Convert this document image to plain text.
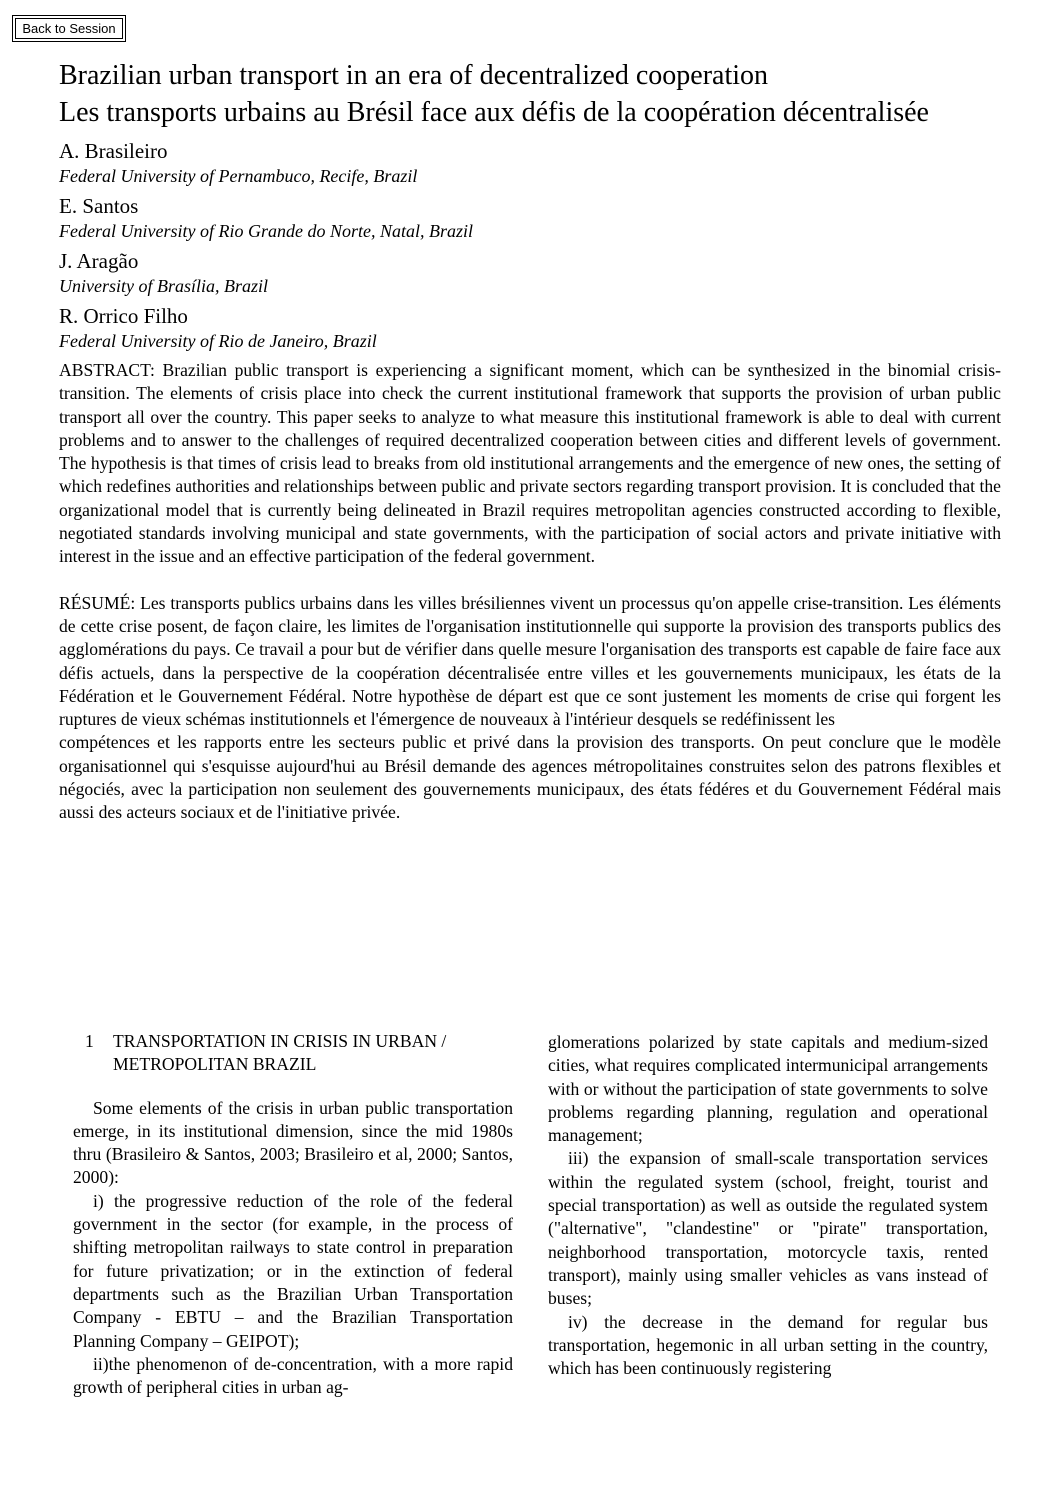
Back to Session
Brazilian urban transport in an era of decentralized cooperation
Les transports urbains au Brésil face aux défis de la coopération décentralisée
A. Brasileiro
Federal University of Pernambuco, Recife, Brazil
E. Santos
Federal University of Rio Grande do Norte, Natal, Brazil
J. Aragão
University of Brasília, Brazil
R. Orrico Filho
Federal University of Rio de Janeiro, Brazil

ABSTRACT: Brazilian public transport is experiencing a significant moment, which can be synthesized in the binomial crisis-transition. The elements of crisis place into check the current institutional framework that supports the provision of urban public transport all over the country. This paper seeks to analyze to what measure this institutional framework is able to deal with current problems and to answer to the challenges of required decentralized cooperation between cities and different levels of government. The hypothesis is that times of crisis lead to breaks from old institutional arrangements and the emergence of new ones, the setting of which redefines authorities and relationships between public and private sectors regarding transport provision. It is concluded that the organizational model that is currently being delineated in Brazil requires metropolitan agencies constructed according to flexible, negotiated standards involving municipal and state governments, with the participation of social actors and private initiative with interest in the issue and an effective participation of the federal government.

RÉSUMÉ: Les transports publics urbains dans les villes brésiliennes vivent un processus qu'on appelle crise-transition. Les éléments de cette crise posent, de façon claire, les limites de l'organisation institutionnelle qui supporte la provision des transports publics des agglomérations du pays. Ce travail a pour but de vérifier dans quelle mesure l'organisation des transports est capable de faire face aux défis actuels, dans la perspective de la coopération décentralisée entre villes et les gouvernements municipaux, les états de la Fédération et le Gouvernement Fédéral. Notre hypothèse de départ est que ce sont justement les moments de crise qui forgent les ruptures de vieux schémas institutionnels et l'émergence de nouveaux à l'intérieur desquels se redéfinissent les

compétences et les rapports entre les secteurs public et privé dans la provision des transports. On peut conclure que le modèle organisationnel qui s'esquisse aujourd'hui au Brésil demande des agences métropolitaines construites selon des patrons flexibles et négociés, avec la participation non seulement des gouvernements municipaux, des états fédéres et du Gouvernement Fédéral mais aussi des acteurs sociaux et de l'initiative privée.

1	TRANSPORTATION IN CRISIS IN URBAN / METROPOLITAN BRAZIL

Some elements of the crisis in urban public transportation emerge, in its institutional dimension, since the mid 1980s thru (Brasileiro & Santos, 2003; Brasileiro et al, 2000; Santos, 2000):

i) the progressive reduction of the role of the federal government in the sector (for example, in the process of shifting metropolitan railways to state control in preparation for future privatization; or in the extinction of federal departments such as the Brazilian Urban Transportation Company - EBTU – and the Brazilian Transportation Planning Company – GEIPOT);

ii)the phenomenon of de-concentration, with a more rapid growth of peripheral cities in urban ag-

glomerations polarized by state capitals and medium-sized cities, what requires complicated intermunicipal arrangements with or without the participation of state governments to solve problems regarding planning, regulation and operational management;

iii) the expansion of small-scale transportation services within the regulated system (school, freight, tourist and special transportation) as well as outside the regulated system ("alternative", "clandestine" or "pirate" transportation, neighborhood transportation, motorcycle taxis, rented transport), mainly using smaller vehicles as vans instead of buses;

iv) the decrease in the demand for regular bus transportation, hegemonic in all urban setting in the country, which has been continuously registering
